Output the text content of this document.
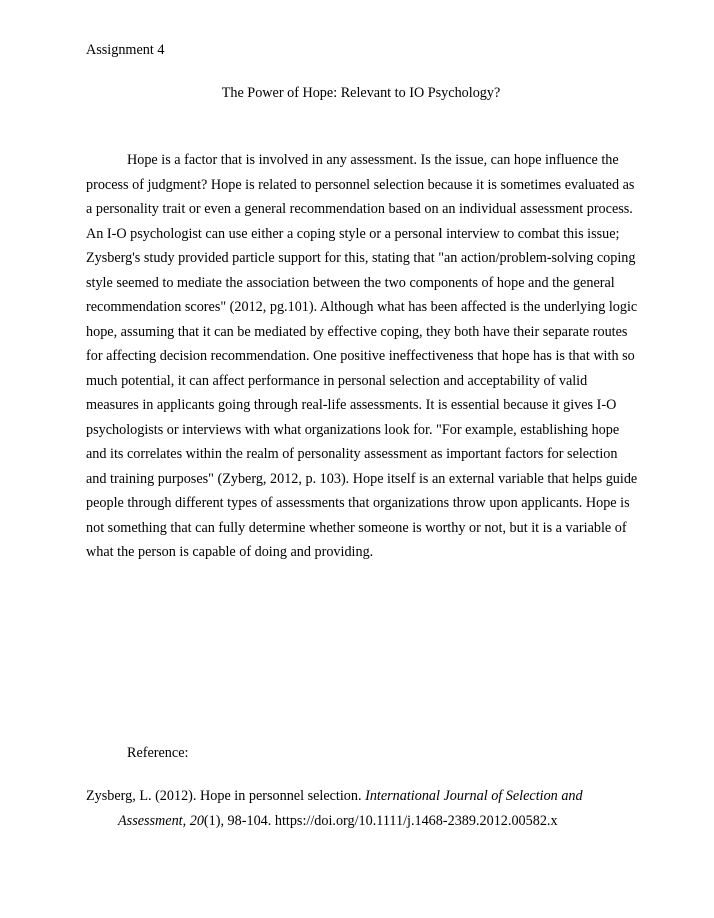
Assignment 4
The Power of Hope: Relevant to IO Psychology?
Hope is a factor that is involved in any assessment. Is the issue, can hope influence the
process of judgment? Hope is related to personnel selection because it is sometimes evaluated as
a personality trait or even a general recommendation based on an individual assessment process.
An I-O psychologist can use either a coping style or a personal interview to combat this issue;
Zysberg's study provided particle support for this, stating that "an action/problem-solving coping
style seemed to mediate the association between the two components of hope and the general
recommendation scores" (2012, pg.101). Although what has been affected is the underlying logic
hope, assuming that it can be mediated by effective coping, they both have their separate routes
for affecting decision recommendation. One positive ineffectiveness that hope has is that with so
much potential, it can affect performance in personal selection and acceptability of valid
measures in applicants going through real-life assessments. It is essential because it gives I-O
psychologists or interviews with what organizations look for. "For example, establishing hope
and its correlates within the realm of personality assessment as important factors for selection
and training purposes" (Zyberg, 2012, p. 103). Hope itself is an external variable that helps guide
people through different types of assessments that organizations throw upon applicants. Hope is
not something that can fully determine whether someone is worthy or not, but it is a variable of
what the person is capable of doing and providing.
Reference:
Zysberg, L. (2012). Hope in personnel selection. International Journal of Selection and
Assessment, 20(1), 98-104. https://doi.org/10.1111/j.1468-2389.2012.00582.x
